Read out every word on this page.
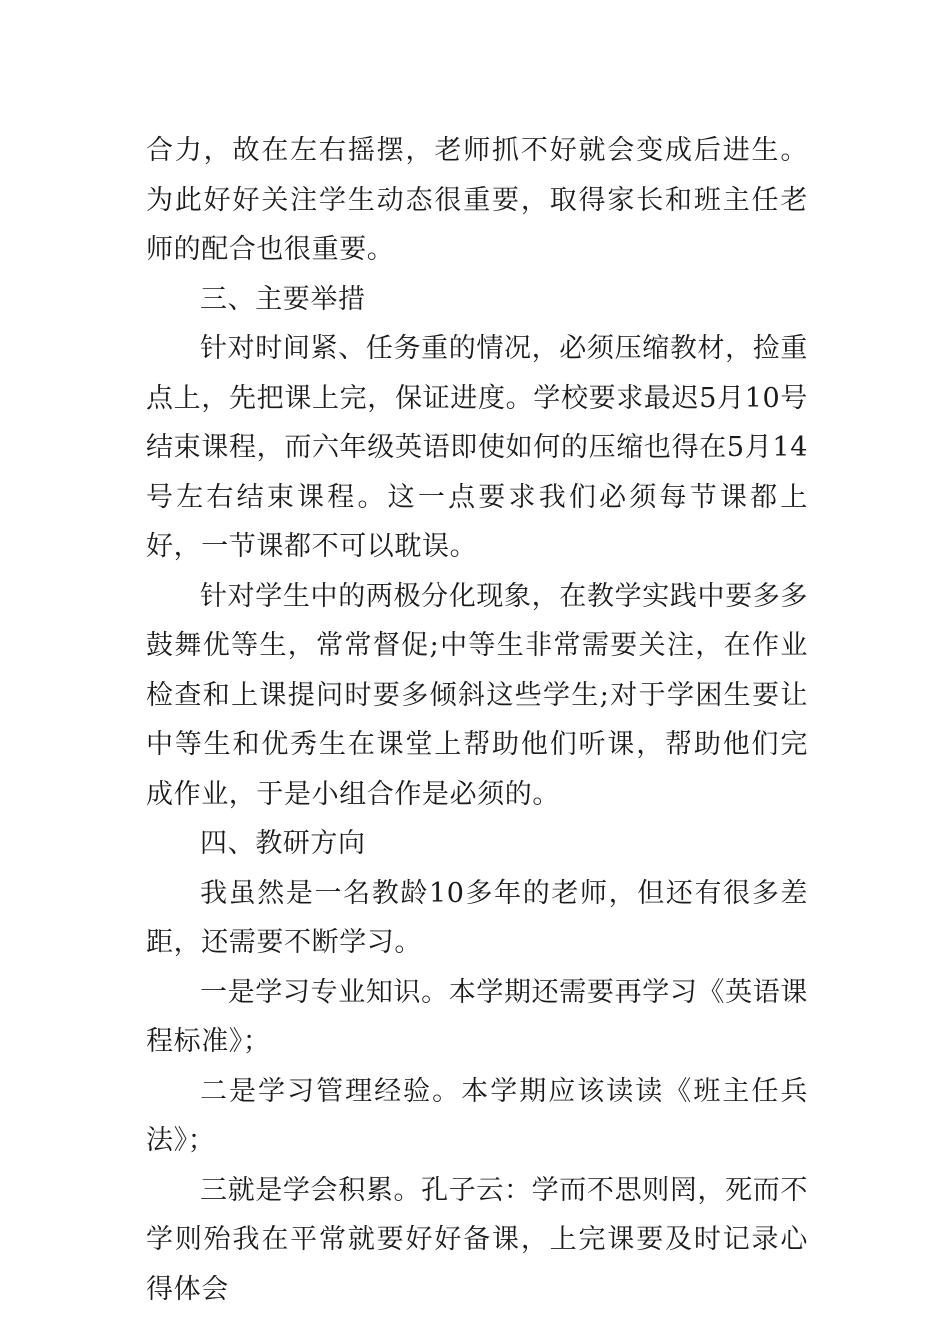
合力，故在左右摇摆，老师抓不好就会变成后进生。为此好好关注学生动态很重要，取得家长和班主任老师的配合也很重要。

三、主要举措

针对时间紧、任务重的情况，必须压缩教材，捡重点上，先把课上完，保证进度。学校要求最迟5月10号结束课程，而六年级英语即使如何的压缩也得在5月14号左右结束课程。这一点要求我们必须每节课都上好，一节课都不可以耽误。

针对学生中的两极分化现象，在教学实践中要多多鼓舞优等生，常常督促;中等生非常需要关注，在作业检查和上课提问时要多倾斜这些学生;对于学困生要让中等生和优秀生在课堂上帮助他们听课，帮助他们完成作业，于是小组合作是必须的。

四、教研方向

我虽然是一名教龄10多年的老师，但还有很多差距，还需要不断学习。

一是学习专业知识。本学期还需要再学习《英语课程标准》；

二是学习管理经验。本学期应该读读《班主任兵法》；

三就是学会积累。孔子云：学而不思则罔，死而不学则殆我在平常就要好好备课，上完课要及时记录心得体会
